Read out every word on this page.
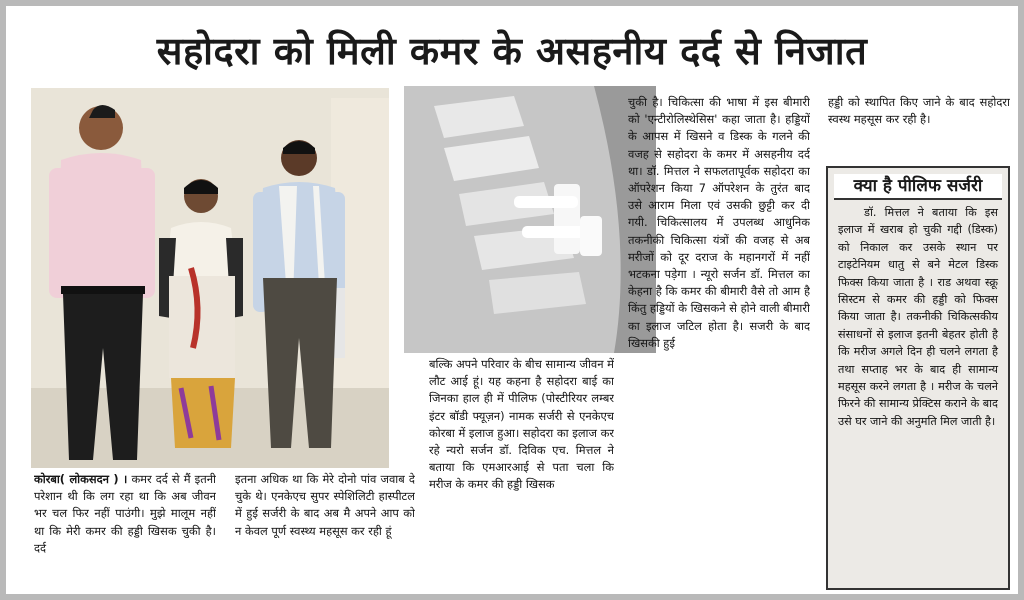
सहोदरा को मिली कमर के असहनीय दर्द से निजात

कोरबा( लोकसदन ) । कमर दर्द से मैं इतनी परेशान थी कि लग रहा था कि अब जीवन भर चल फिर नहीं पाउंगी। मुझे मालूम नहीं था कि मेरी कमर की हड्डी खिसक चुकी है। दर्द

इतना अधिक था कि मेरे दोनो पांव जवाब दे चुके थे। एनकेएच सुपर स्पेशिलिटी हास्पीटल में हुई सर्जरी के बाद अब मै अपने आप को न केवल पूर्ण स्वस्थ्य महसूस कर रही हूं

बल्कि अपने परिवार के बीच सामान्य जीवन में लौट आई हूं। यह कहना है सहोदरा बाई का जिनका हाल ही में पीलिफ (पोस्टीरियर लम्बर इंटर बॉडी फ्यूज़न) नामक सर्जरी से एनकेएच कोरबा में इलाज हुआ। सहोदरा का इलाज कर रहे न्यरो सर्जन डॉ. दिविक एच. मित्तल ने बताया कि एमआरआई से पता चला कि मरीज के कमर की हड्डी खिसक

चुकी है। चिकित्सा की भाषा में इस बीमारी को 'एन्टीरोलिस्थेसिस' कहा जाता है। हड्डियों के आपस में खिसने व डिस्क के गलने की वजह से सहोदरा के कमर में असहनीय दर्द था। डॉ. मित्तल ने सफलतापूर्वक सहोदरा का ऑपरेशन किया 7 ऑपरेशन के तुरंत बाद उसे आराम मिला एवं उसकी छुट्टी कर दी गयी. चिकित्सालय में उपलब्ध आधुनिक तकनीकी चिकित्सा यंत्रों की वजह से अब मरीजों को दूर दराज के महानगरों में नहीं भटकना पड़ेगा । न्यूरो सर्जन डॉ. मित्तल का केहना है कि कमर की बीमारी वैसे तो आम है किंतु हड्डियों के खिसकने से होने वाली बीमारी का इलाज जटिल होता है। सजरी के बाद खिसकी हुई

हड्डी को स्थापित किए जाने के बाद सहोदरा स्वस्थ महसूस कर रही है।

क्या है पीलिफ सर्जरी
डॉ. मित्तल ने बताया कि इस इलाज में खराब हो चुकी गद्दी (डिस्क) को निकाल कर उसके स्थान पर टाइटेनियम धातु से बने मेटल डिस्क फिक्स किया जाता है । राड अथवा स्क्रू सिस्टम से कमर की हड्डी को फिक्स किया जाता है। तकनीकी चिकित्सकीय संसाधनों से इलाज इतनी बेहतर होती है कि मरीज अगले दिन ही चलने लगता है तथा सप्ताह भर के बाद ही सामान्य महसूस करने लगता है । मरीज के चलने फिरने की सामान्य प्रेक्टिस कराने के बाद उसे घर जाने की अनुमति मिल जाती है।
